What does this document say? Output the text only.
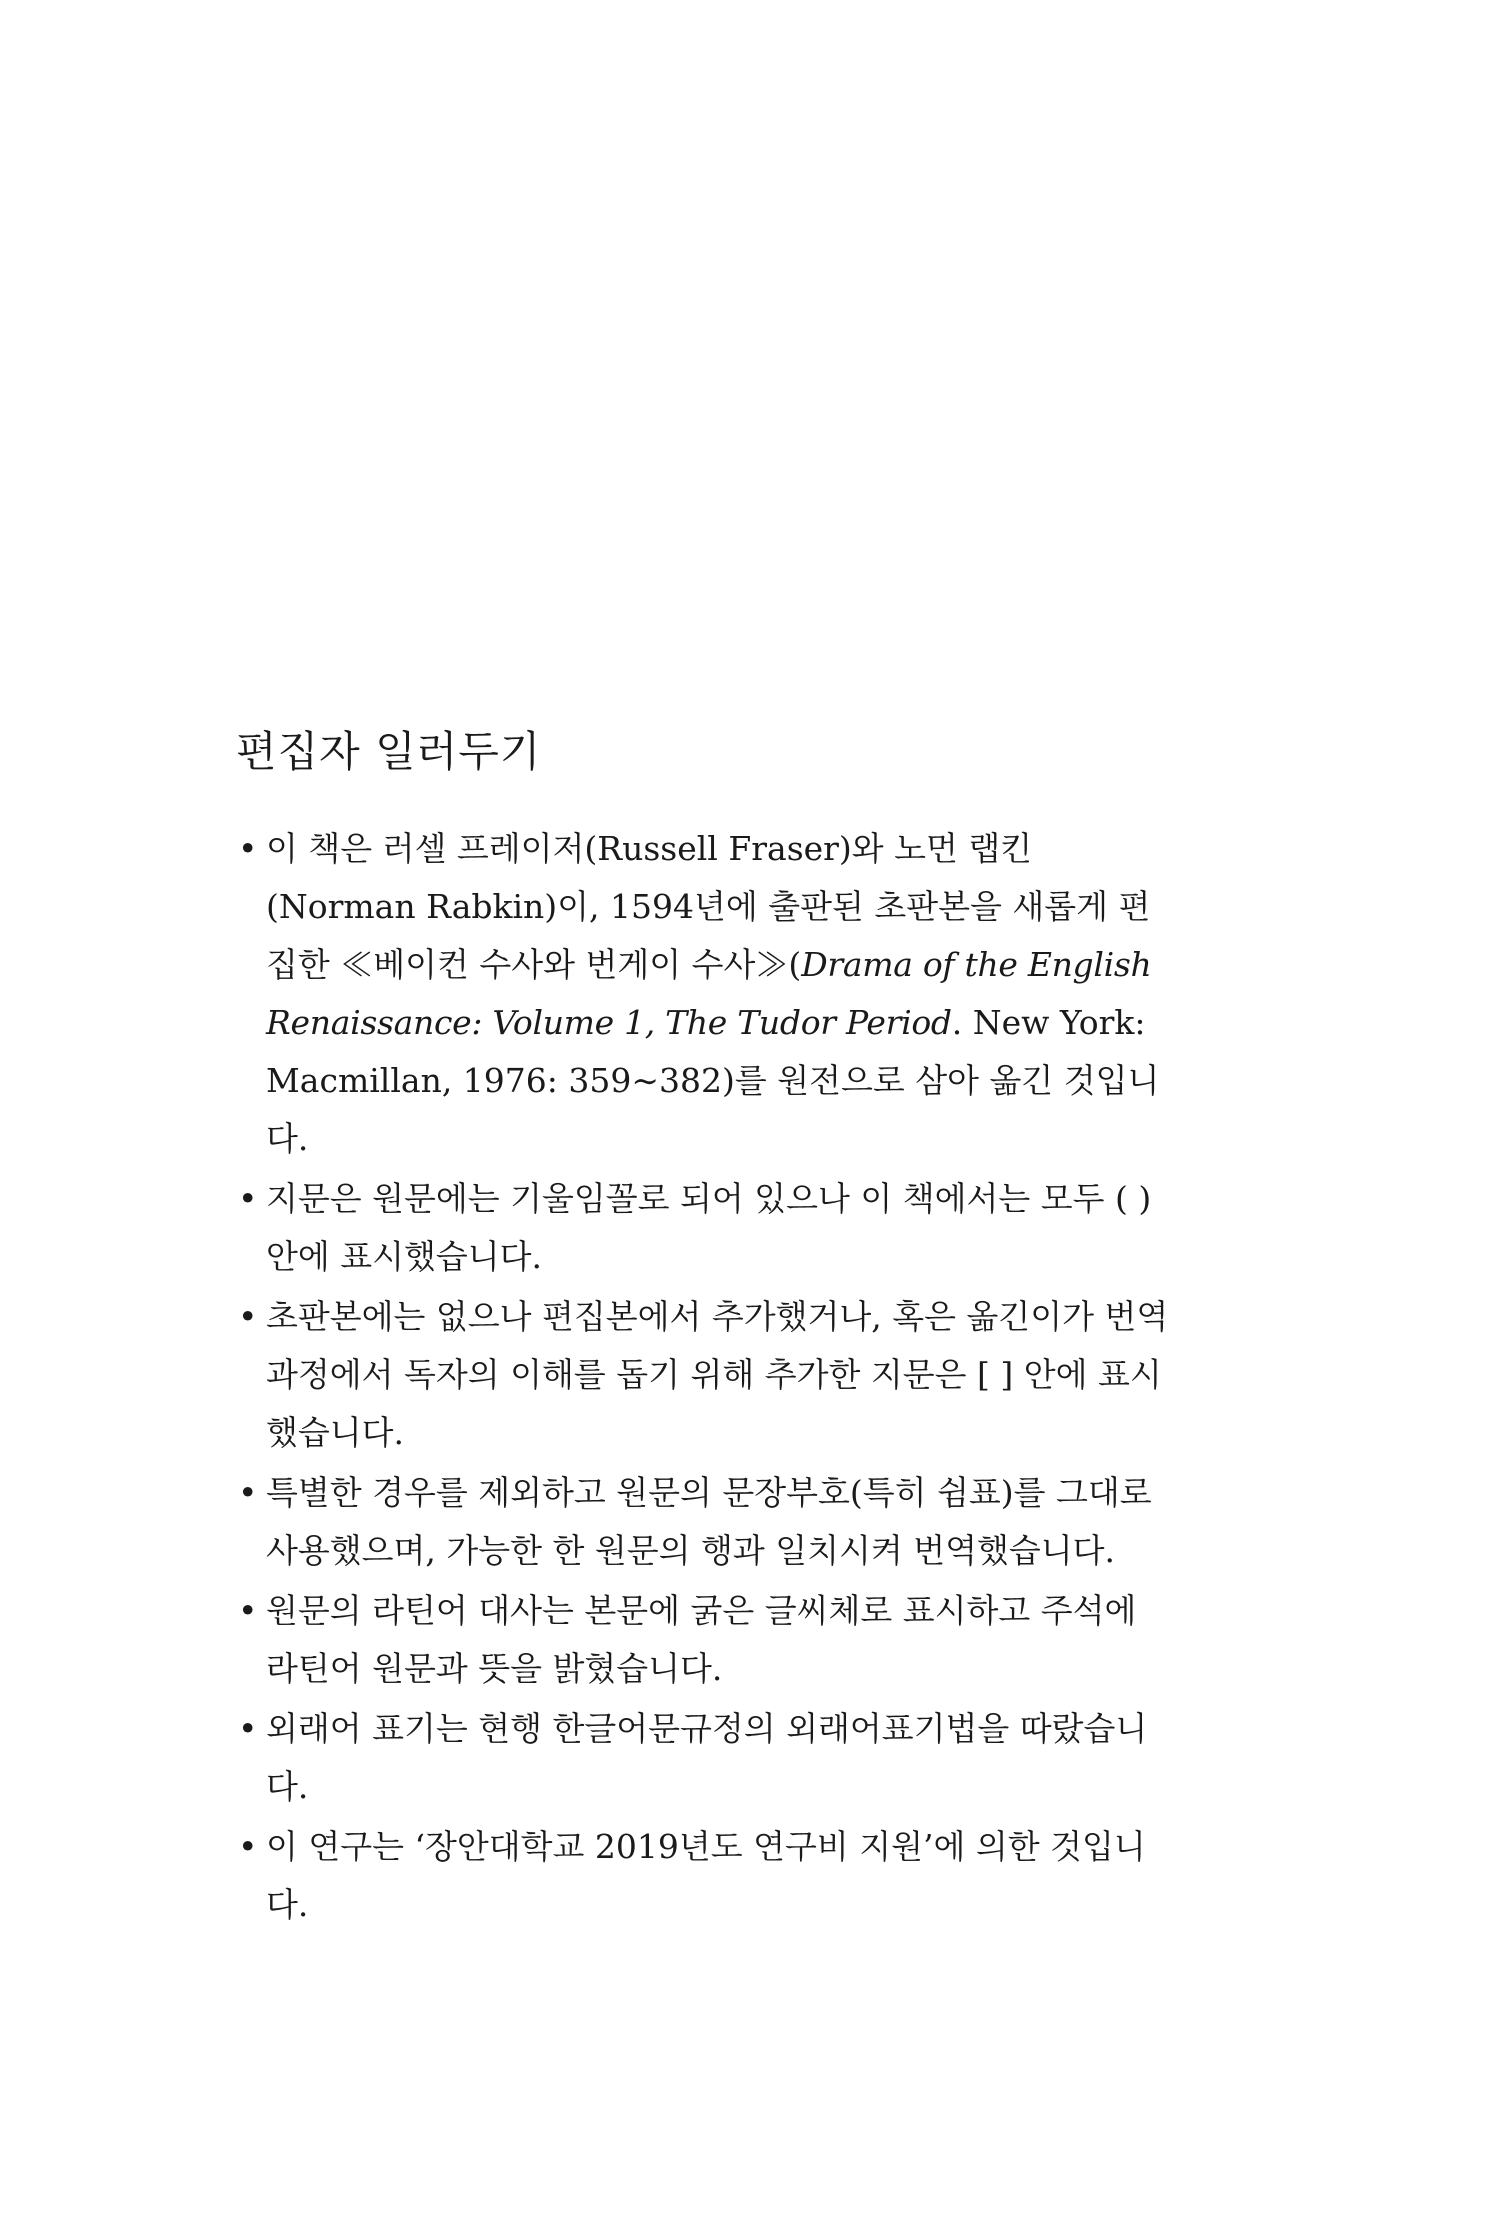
편집자 일러두기
• 이 책은 러셀 프레이저(Russell Fraser)와 노먼 랩킨(Norman Rabkin)이, 1594년에 출판된 초판본을 새롭게 편집한 ≪베이컨 수사와 번게이 수사≫(Drama of the English Renaissance: Volume 1, The Tudor Period. New York: Macmillan, 1976: 359∼382)를 원전으로 삼아 옮긴 것입니다.
• 지문은 원문에는 기울임꼴로 되어 있으나 이 책에서는 모두 ( ) 안에 표시했습니다.
• 초판본에는 없으나 편집본에서 추가했거나, 혹은 옮긴이가 번역 과정에서 독자의 이해를 돕기 위해 추가한 지문은 [ ] 안에 표시했습니다.
• 특별한 경우를 제외하고 원문의 문장부호(특히 쉼표)를 그대로 사용했으며, 가능한 한 원문의 행과 일치시켜 번역했습니다.
• 원문의 라틴어 대사는 본문에 굵은 글씨체로 표시하고 주석에 라틴어 원문과 뜻을 밝혔습니다.
• 외래어 표기는 현행 한글어문규정의 외래어표기법을 따랐습니다.
• 이 연구는 ‘장안대학교 2019년도 연구비 지원’에 의한 것입니다.
